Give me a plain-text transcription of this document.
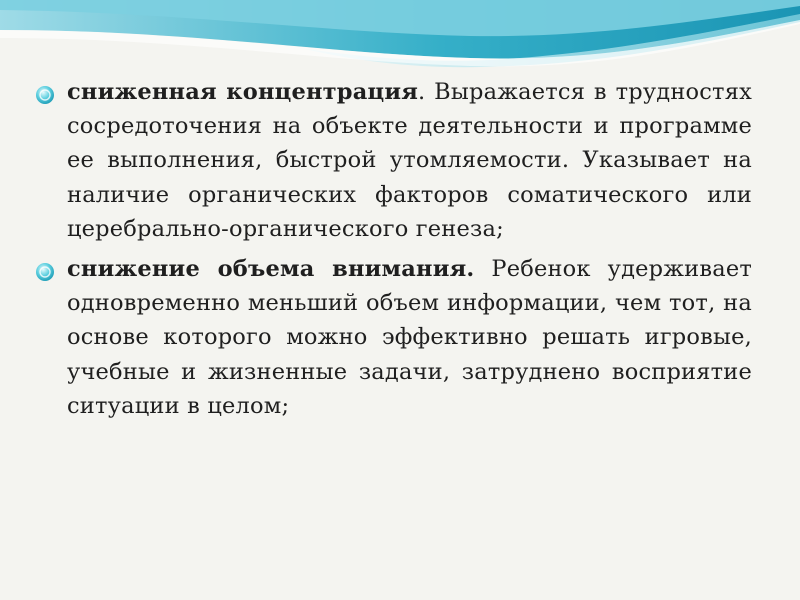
сниженная концентрация. Выражается в трудностях сосредоточения на объекте деятельности и программе ее выполнения, быстрой утомляемости. Указывает на наличие органических факторов соматического или церебрально-органического генеза;
снижение объема внимания. Ребенок удерживает одновременно меньший объем информации, чем тот, на основе которого можно эффективно решать игровые, учебные и жизненные задачи, затруднено восприятие ситуации в целом;
